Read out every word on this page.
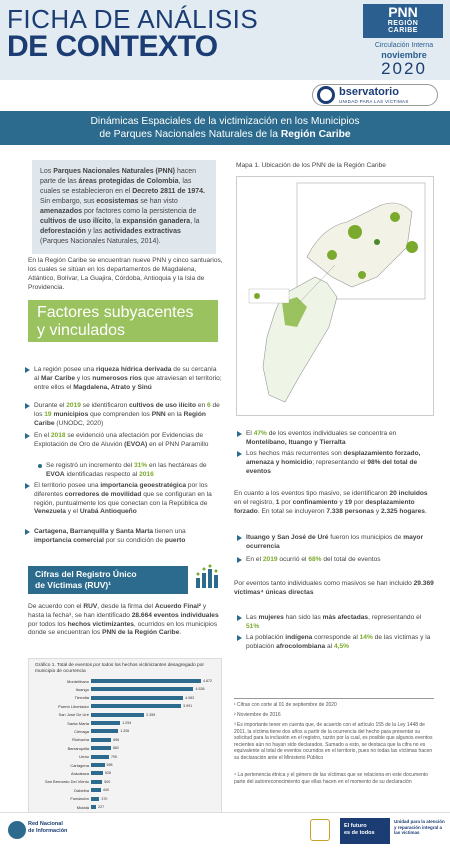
FICHA DE ANÁLISIS
DE CONTEXTO
PNN
REGIÓN
CARIBE
Circulación Interna
noviembre
2020
bservatorio
UNIDAD PARA LAS VÍCTIMAS
Dinámicas Espaciales de la victimización en los Municipios
de Parques Nacionales Naturales de la Región Caribe
Los Parques Nacionales Naturales (PNN) hacen parte de las áreas protegidas de Colombia, las cuales se establecieron en el Decreto 2811 de 1974. Sin embargo, sus ecosistemas se han visto amenazados por factores como la persistencia de cultivos de uso ilícito, la expansión ganadera, la deforestación y las actividades extractivas (Parques Nacionales Naturales, 2014).
En la Región Caribe se encuentran nueve PNN y cinco santuarios, los cuales se sitúan en los departamentos de Magdalena, Atlántico, Bolívar, La Guajira, Córdoba, Antioquia y la Isla de Providencia.
Factores subyacentes
y vinculados
La región posee una riqueza hídrica derivada de su cercanía al Mar Caribe y los numerosos ríos que atraviesan el territorio; entre ellos el Magdalena, Atrato y Sinú
Durante el 2019 se identificaron cultivos de uso ilícito en 6 de los 19 municipios que comprenden los PNN en la Región Caribe (UNODC, 2020)
En el 2018 se evidenció una afectación por Evidencias de Explotación de Oro de Aluvión (EVOA) en el PNN Paramillo
Se registró un incremento del 31% en las hectáreas de EVOA identificadas respecto al 2016
El territorio posee una importancia geoestratégica por los diferentes corredores de movilidad que se configuran en la región, puntualmente los que conectan con la República de Venezuela y el Urabá Antioqueño
Cartagena, Barranquilla y Santa Marta tienen una importancia comercial por su condición de puerto
Cifras del Registro Único
de Víctimas (RUV)¹
De acuerdo con el RUV, desde la firma del Acuerdo Final² y hasta la fecha³, se han identificado 28.664 eventos individuales por todos los hechos victimizantes, ocurridos en los municipios donde se encuentran los PNN de la Región Caribe.
Gráfico 1. Total de eventos por todos los hechos victimizantes desagregado por municipio de ocurrencia
Montelíbano	4.872
Ituango	4.538
Tierralta	4.083
Puerto Libertador	3.991
San José De Uré	2.359
Santa Marta	1.294
Ciénaga	1.206
Riohacha	896
Barranquilla	882
Urrao	795
Cartagena	598
Aracataca	528
San Bernardo Del Viento	500
Dabeiba	440
Fundación	370
Mutatá	227
Mapa 1. Ubicación de los PNN de la Región Caribe
El 47% de los eventos individuales se concentra en Montelíbano, Ituango y Tierralta
Los hechos más recurrentes son desplazamiento forzado, amenaza y homicidio; representando el 98% del total de eventos
En cuanto a los eventos tipo masivo, se identificaron 20 incluidos en el registro, 1 por confinamiento y 19 por desplazamiento forzado. En total se incluyeron 7.338 personas y 2.325 hogares.
Ituango y San José de Uré fueron los municipios de mayor ocurrencia
En el 2019 ocurrió el 68% del total de eventos
Por eventos tanto individuales como masivos se han incluido 29.369 víctimas⁴ únicas directas
Las mujeres han sido las más afectadas, representando el 51%
La población indígena corresponde al 14% de las víctimas y la población afrocolombiana al 4,5%
¹ Cifras con corte al 01 de septiembre de 2020
² Noviembre de 2016
³ Es importante tener en cuenta que, de acuerdo con el artículo 155 de la Ley 1448 de 2011, la víctima tiene dos años a partir de la ocurrencia del hecho para presentar su solicitud para la inclusión en el registro, razón por la cual, es posible que algunos eventos recientes aún no hayan sido declarados. Sumado a esto, se destaca que la cifra no es equivalente al total de eventos ocurridos en el territorio, pues no todas las víctimas hacen su declaración ante el Ministerio Público
⁴ La pertenencia étnica y el género de las víctimas que se relaciona en este documento parte del autorreconocimiento que ellas hacen en el momento de su declaración
Red Nacional
de Información
El futuro
es de todos
Unidad para la atención y reparación integral a las víctimas
